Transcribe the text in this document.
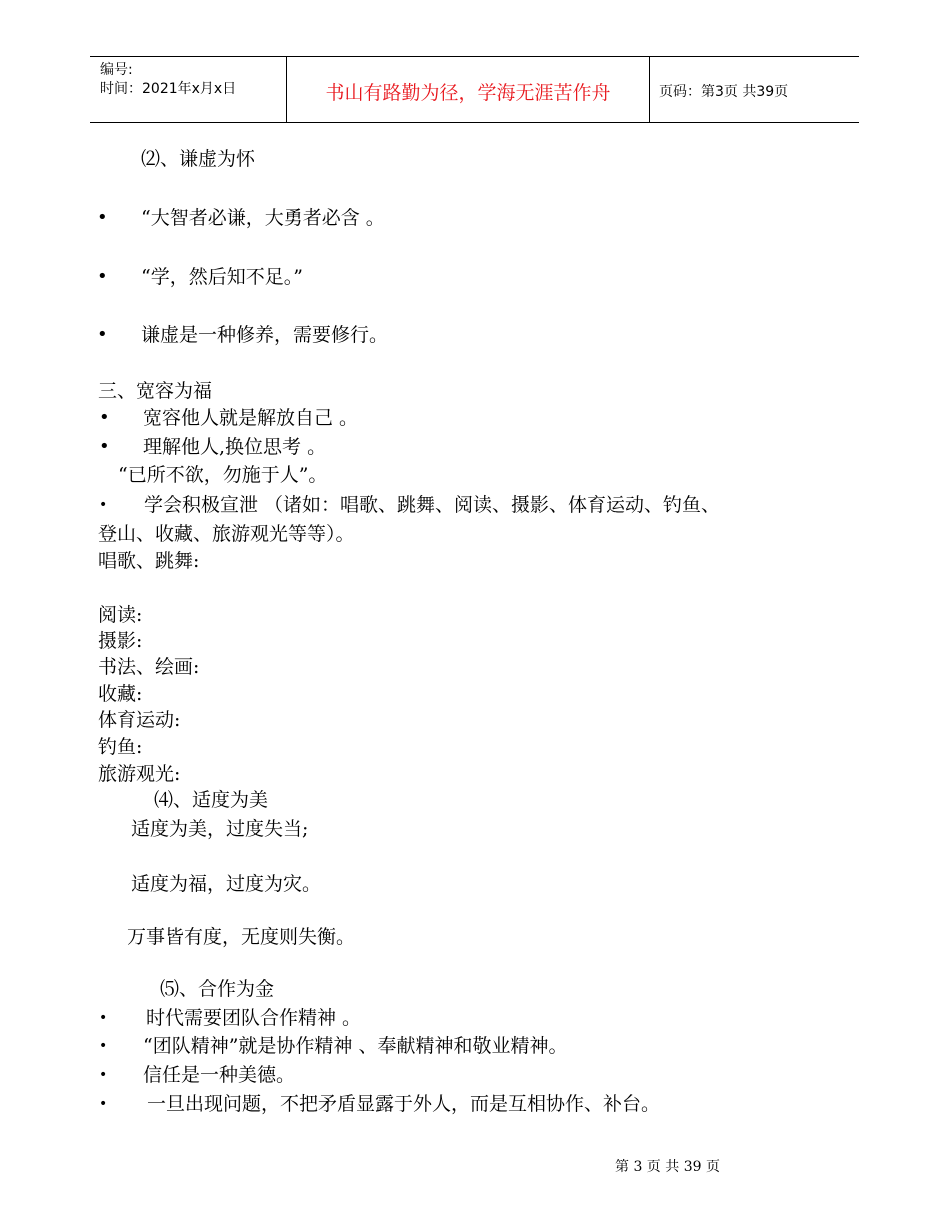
编号:
时间：2021年x月x日	书山有路勤为径，学海无涯苦作舟	页码：第3页 共39页
⑵、谦虚为怀
• “大智者必谦，大勇者必含 。
• “学，然后知不足。”
• 谦虚是一种修养，需要修行。
三、宽容为福
• 宽容他人就是解放自己 。
• 理解他人,换位思考 。
“已所不欲，勿施于人”。
• 学会积极宣泄 （诸如：唱歌、跳舞、阅读、摄影、体育运动、钓鱼、
登山、收藏、旅游观光等等）。
唱歌、跳舞:
阅读:
摄影:
书法、绘画:
收藏:
体育运动:
钓鱼:
旅游观光:
⑷、适度为美
适度为美，过度失当;
适度为福，过度为灾。
万事皆有度，无度则失衡。
⑸、合作为金
• 时代需要团队合作精神 。
• “团队精神”就是协作精神 、奉献精神和敬业精神。
• 信任是一种美德。
• 一旦出现问题，不把矛盾显露于外人，而是互相协作、补台。
第 3 页 共 39 页
